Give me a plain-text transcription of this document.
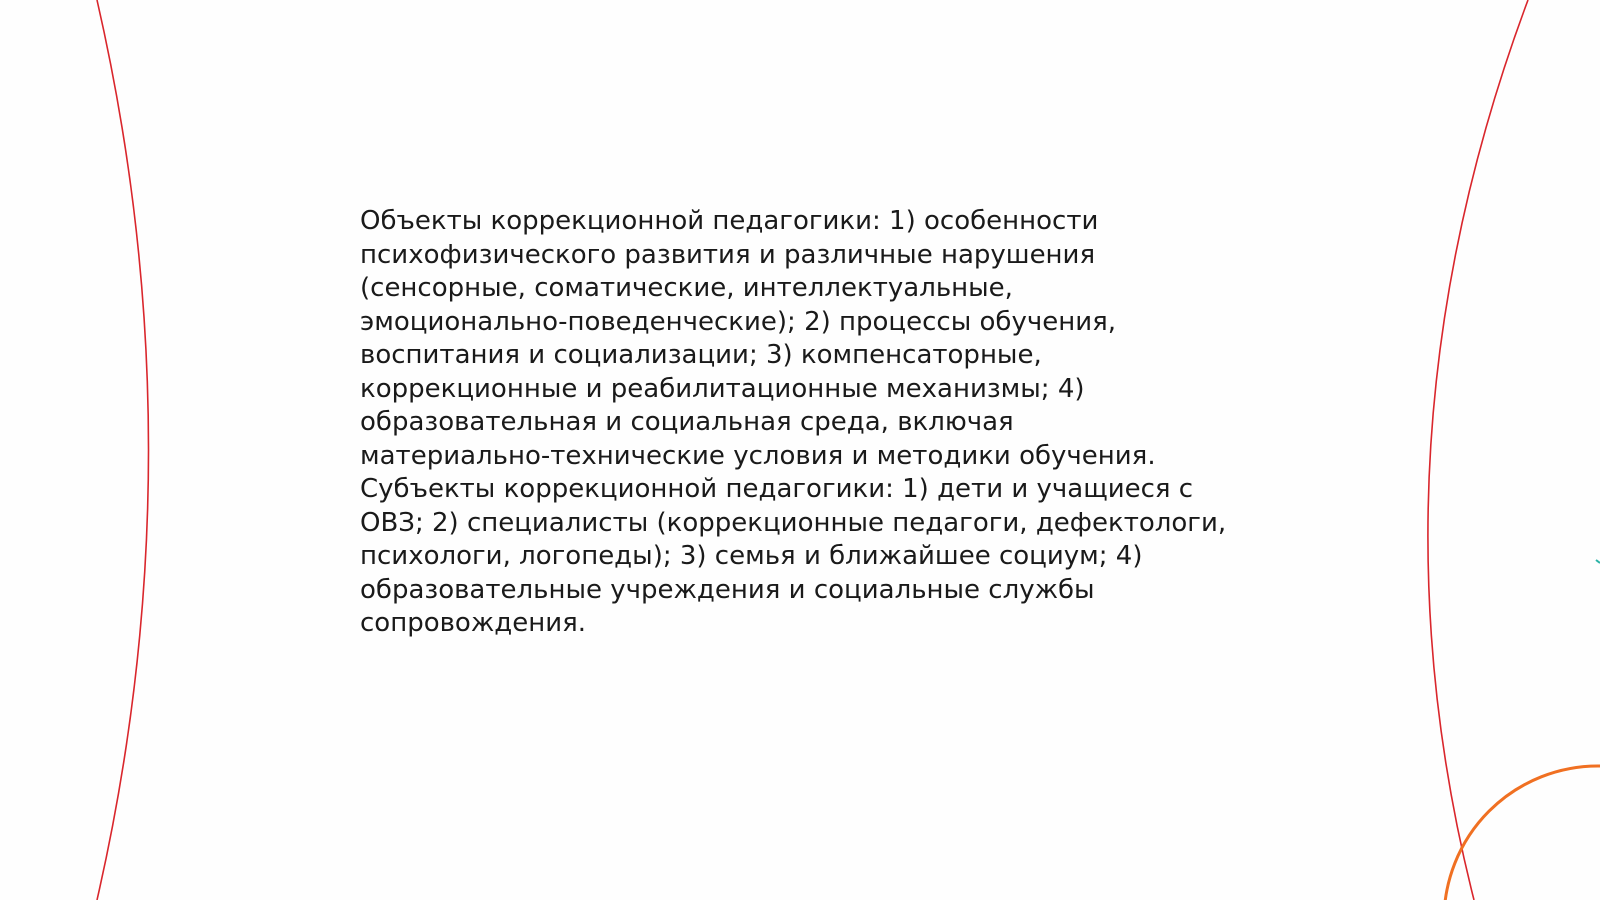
Объекты коррекционной педагогики: 1) особенности
психофизического развития и различные нарушения
(сенсорные, соматические, интеллектуальные,
эмоционально-поведенческие); 2) процессы обучения,
воспитания и социализации; 3) компенсаторные,
коррекционные и реабилитационные механизмы; 4)
образовательная и социальная среда, включая
материально-технические условия и методики обучения.
Субъекты коррекционной педагогики: 1) дети и учащиеся с
ОВЗ; 2) специалисты (коррекционные педагоги, дефектологи,
психологи, логопеды); 3) семья и ближайшее социум; 4)
образовательные учреждения и социальные службы
сопровождения.
